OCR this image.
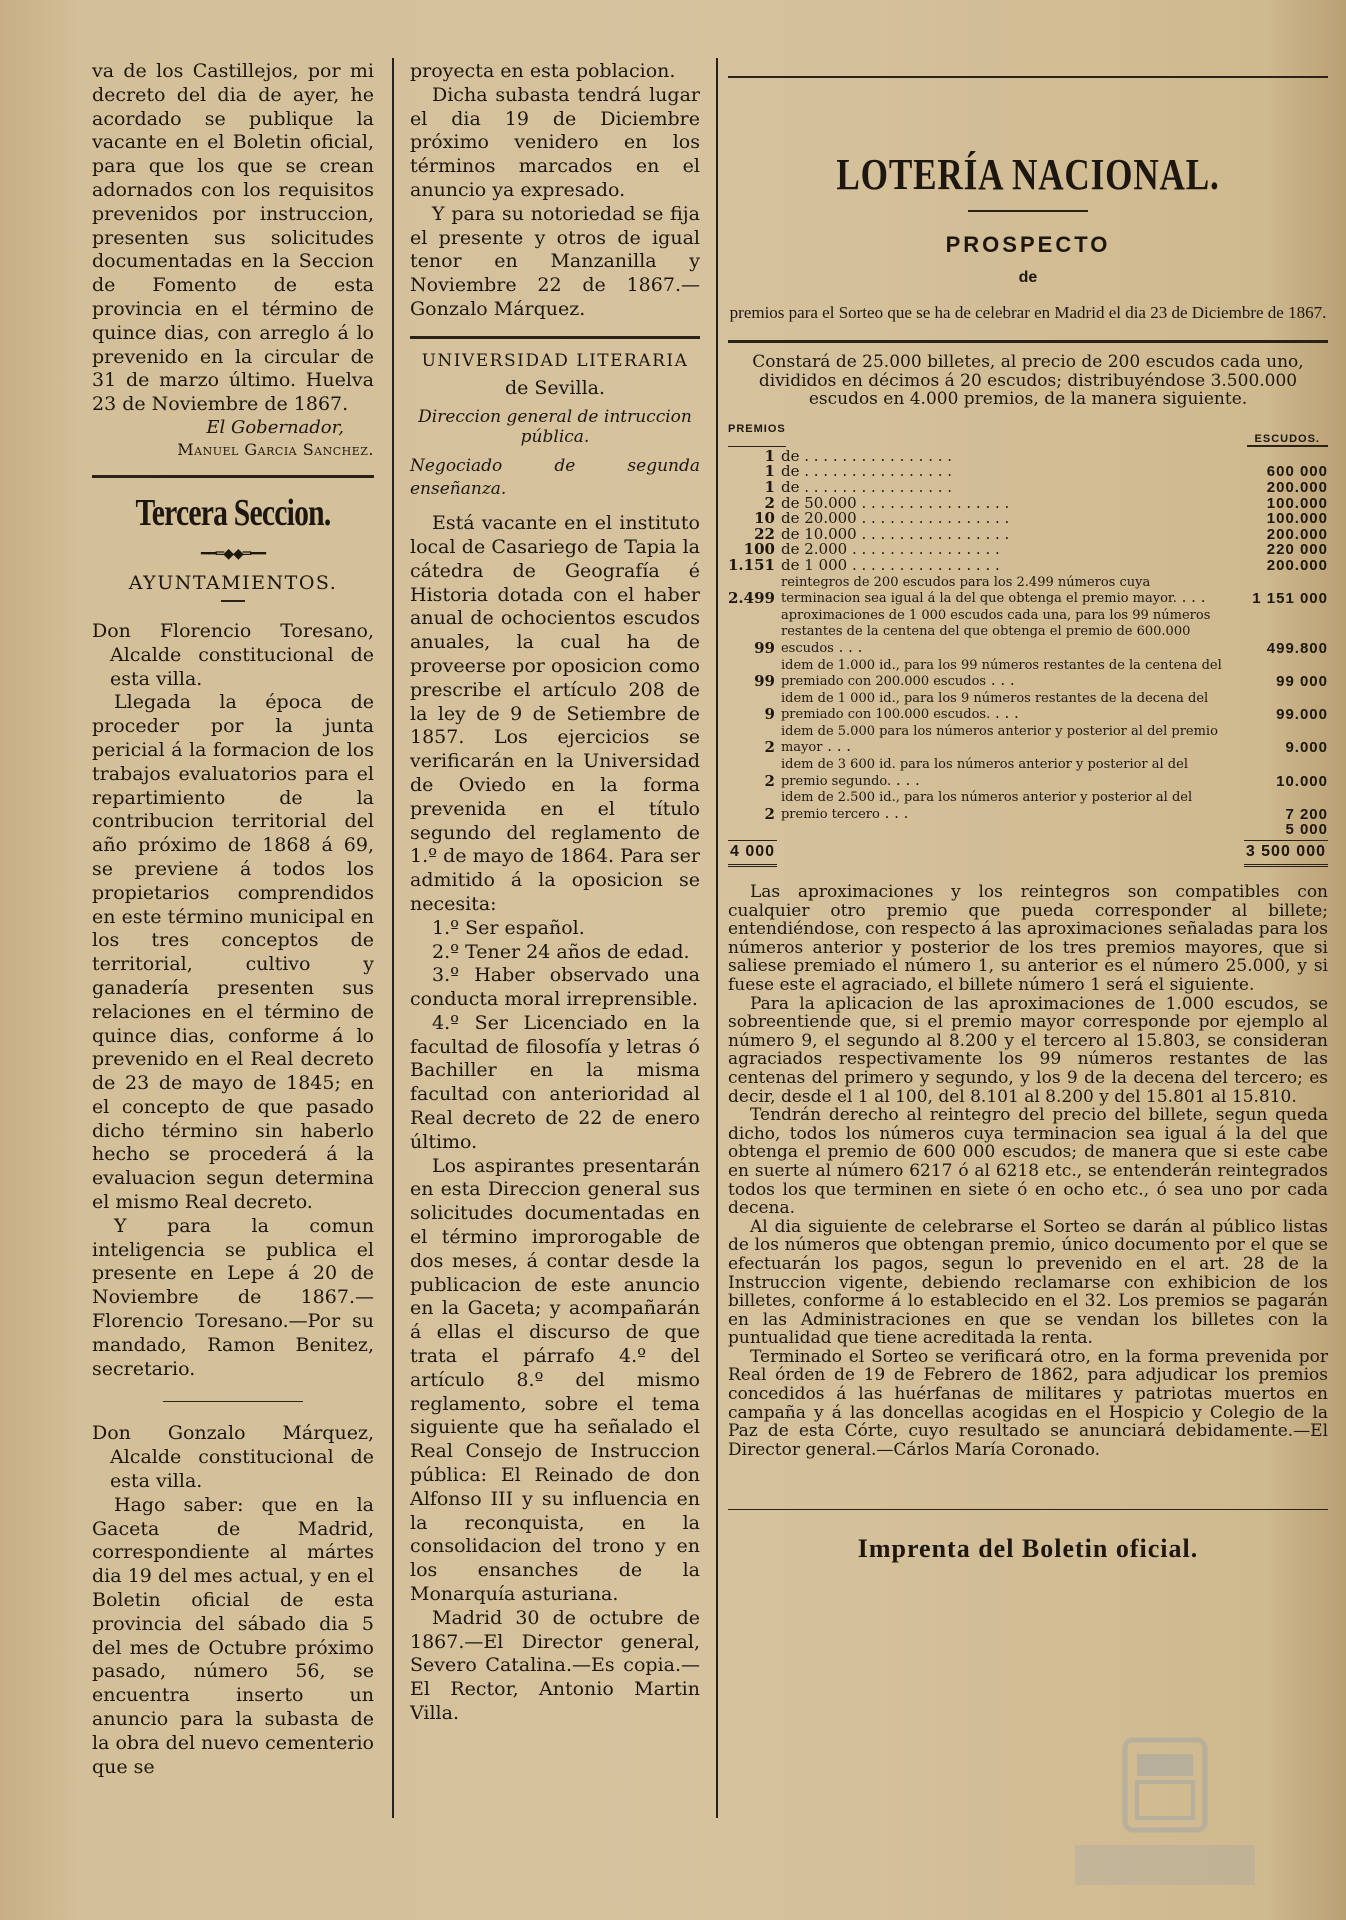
va de los Castillejos, por mi decreto del dia de ayer, he acordado se publique la vacante en el Boletin oficial, para que los que se crean adornados con los requisitos prevenidos por instruccion, presenten sus solicitudes documentadas en la Seccion de Fomento de esta provincia en el término de quince dias, con arreglo á lo prevenido en la circular de 31 de marzo último. Huelva 23 de Noviembre de 1867.

El Gobernador,
Manuel Garcia Sanchez.
Tercera Seccion.
━━═◆◆═━━
AYUNTAMIENTOS.

Don Florencio Toresano, Alcalde constitucional de esta villa.

Llegada la época de proceder por la junta pericial á la formacion de los trabajos evaluatorios para el repartimiento de la contribucion territorial del año próximo de 1868 á 69, se previene á todos los propietarios comprendidos en este término municipal en los tres conceptos de territorial, cultivo y ganadería presenten sus relaciones en el término de quince dias, conforme á lo prevenido en el Real decreto de 23 de mayo de 1845; en el concepto de que pasado dicho término sin haberlo hecho se procederá á la evaluacion segun determina el mismo Real decreto.

Y para la comun inteligencia se publica el presente en Lepe á 20 de Noviembre de 1867.—Florencio Toresano.—Por su mandado, Ramon Benitez, secretario.

Don Gonzalo Márquez, Alcalde constitucional de esta villa.

Hago saber: que en la Gaceta de Madrid, correspondiente al mártes dia 19 del mes actual, y en el Boletin oficial de esta provincia del sábado dia 5 del mes de Octubre próximo pasado, número 56, se encuentra inserto un anuncio para la subasta de la obra del nuevo cementerio que se

proyecta en esta poblacion.

Dicha subasta tendrá lugar el dia 19 de Diciembre próximo venidero en los términos marcados en el anuncio ya expresado.

Y para su notoriedad se fija el presente y otros de igual tenor en Manzanilla y Noviembre 22 de 1867.—Gonzalo Márquez.

UNIVERSIDAD LITERARIA

de Sevilla.

Direccion general de intruccion pública.

Negociado de segunda enseñanza.

Está vacante en el instituto local de Casariego de Tapia la cátedra de Geografía é Historia dotada con el haber anual de ochocientos escudos anuales, la cual ha de proveerse por oposicion como prescribe el artículo 208 de la ley de 9 de Setiembre de 1857. Los ejercicios se verificarán en la Universidad de Oviedo en la forma prevenida en el título segundo del reglamento de 1.º de mayo de 1864. Para ser admitido á la oposicion se necesita:

1.º Ser español.

2.º Tener 24 años de edad.

3.º Haber observado una conducta moral irreprensible.

4.º Ser Licenciado en la facultad de filosofía y letras ó Bachiller en la misma facultad con anterioridad al Real decreto de 22 de enero último.

Los aspirantes presentarán en esta Direccion general sus solicitudes documentadas en el término improrogable de dos meses, á contar desde la publicacion de este anuncio en la Gaceta; y acompañarán á ellas el discurso de que trata el párrafo 4.º del artículo 8.º del mismo reglamento, sobre el tema siguiente que ha señalado el Real Consejo de Instruccion pública: El Reinado de don Alfonso III y su influencia en la reconquista, en la consolidacion del trono y en los ensanches de la Monarquía asturiana.

Madrid 30 de octubre de 1867.—El Director general, Severo Catalina.—Es copia.—El Rector, Antonio Martin Villa.

LOTERÍA NACIONAL.
PROSPECTO
de
premios para el Sorteo que se ha de celebrar en Madrid el dia 23 de Diciembre de 1867.

Constará de 25.000 billetes, al precio de 200 escudos cada uno, divididos en décimos á 20 escudos; distribuyéndose 3.500.000 escudos en 4.000 premios, de la manera siguiente.

PREMIOS
ESCUDOS.
1	de . . . . . . . . . . . . . . . .	
1	de . . . . . . . . . . . . . . . .	600 000
1	de . . . . . . . . . . . . . . . .	200.000
2	de 50.000 . . . . . . . . . . . . . . . .	100.000
10	de 20.000 . . . . . . . . . . . . . . . .	100.000
22	de 10.000 . . . . . . . . . . . . . . . .	200.000
100	de 2.000 . . . . . . . . . . . . . . . .	220 000
1.151	de 1 000 . . . . . . . . . . . . . . . .	200.000
2.499	reintegros de 200 escudos para los 2.499 números cuya terminacion sea igual á la del que obtenga el premio mayor. . . .	1 151 000
99	aproximaciones de 1 000 escudos cada una, para los 99 números restantes de la centena del que obtenga el premio de 600.000 escudos . . .	499.800
99	idem de 1.000 id., para los 99 números restantes de la centena del premiado con 200.000 escudos . . .	99 000
9	idem de 1 000 id., para los 9 números restantes de la decena del premiado con 100.000 escudos. . . .	99.000
2	idem de 5.000 para los números anterior y posterior al del premio mayor . . .	9.000
2	idem de 3 600 id. para los números anterior y posterior al del premio segundo. . . .	10.000
2	idem de 2.500 id., para los números anterior y posterior al del premio tercero . . .	7 200
		5 000
4 000	3 500 000

Las aproximaciones y los reintegros son compatibles con cualquier otro premio que pueda corresponder al billete; entendiéndose, con respecto á las aproximaciones señaladas para los números anterior y posterior de los tres premios mayores, que si saliese premiado el número 1, su anterior es el número 25.000, y si fuese este el agraciado, el billete número 1 será el siguiente.

Para la aplicacion de las aproximaciones de 1.000 escudos, se sobreentiende que, si el premio mayor corresponde por ejemplo al número 9, el segundo al 8.200 y el tercero al 15.803, se consideran agraciados respectivamente los 99 números restantes de las centenas del primero y segundo, y los 9 de la decena del tercero; es decir, desde el 1 al 100, del 8.101 al 8.200 y del 15.801 al 15.810.

Tendrán derecho al reintegro del precio del billete, segun queda dicho, todos los números cuya terminacion sea igual á la del que obtenga el premio de 600 000 escudos; de manera que si este cabe en suerte al número 6217 ó al 6218 etc., se entenderán reintegrados todos los que terminen en siete ó en ocho etc., ó sea uno por cada decena.

Al dia siguiente de celebrarse el Sorteo se darán al público listas de los números que obtengan premio, único documento por el que se efectuarán los pagos, segun lo prevenido en el art. 28 de la Instruccion vigente, debiendo reclamarse con exhibicion de los billetes, conforme á lo establecido en el 32. Los premios se pagarán en las Administraciones en que se vendan los billetes con la puntualidad que tiene acreditada la renta.

Terminado el Sorteo se verificará otro, en la forma prevenida por Real órden de 19 de Febrero de 1862, para adjudicar los premios concedidos á las huérfanas de militares y patriotas muertos en campaña y á las doncellas acogidas en el Hospicio y Colegio de la Paz de esta Córte, cuyo resultado se anunciará debidamente.—El Director general.—Cárlos María Coronado.

Imprenta del Boletin oficial.
